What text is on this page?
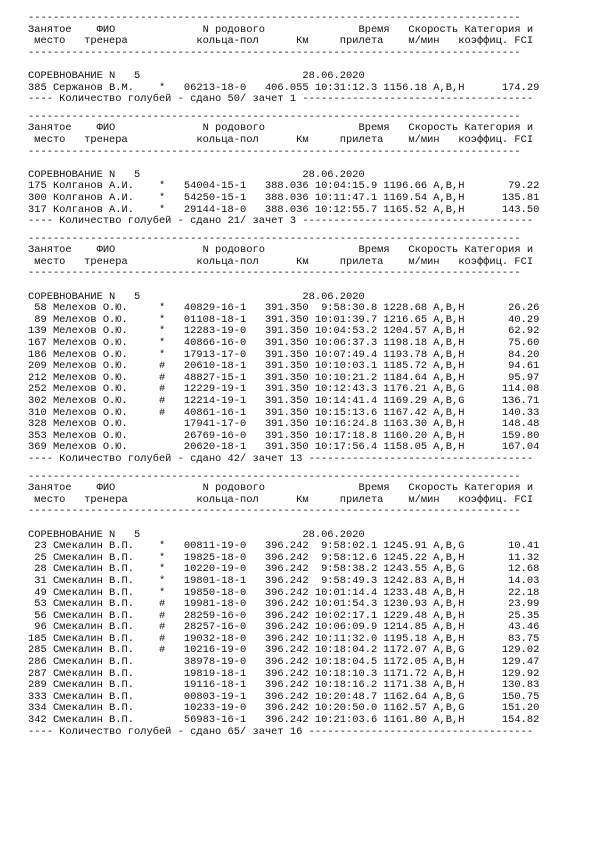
-------------------------------------------------------------------------------
Занятое    ФИО              N родового               Время   Скорость Категория и
место   тренера           кольца-пол      Км     прилета    м/мин   коэффиц. FCI
-------------------------------------------------------------------------------
СОРЕВНОВАНИЕ N   5                          28.06.2020
385 Сержанов В.М.    *   06213-18-0   406.055 10:31:12.3 1156.18 A,B,H      174.29
---- Количество голубей - сдано 50/ зачет 1 -------------------------------------
-------------------------------------------------------------------------------
Занятое    ФИО              N родового               Время   Скорость Категория и
место   тренера           кольца-пол      Км     прилета    м/мин   коэффиц. FCI
-------------------------------------------------------------------------------
СОРЕВНОВАНИЕ N   5                          28.06.2020
175 Колганов А.И.    *   54004-15-1   388.036 10:04:15.9 1196.66 A,B,H       79.22
300 Колганов А.И.    *   54250-15-1   388.036 10:11:47.1 1169.54 A,B,H      135.81
317 Колганов А.И.    *   29144-18-0   388.036 10:12:55.7 1165.52 A,B,H      143.50
---- Количество голубей - сдано 21/ зачет 3 -------------------------------------
-------------------------------------------------------------------------------
Занятое    ФИО              N родового               Время   Скорость Категория и
место   тренера           кольца-пол      Км     прилета    м/мин   коэффиц. FCI
-------------------------------------------------------------------------------
СОРЕВНОВАНИЕ N   5                          28.06.2020
58 Мелехов О.Ю.     *   40829-16-1   391.350  9:58:30.8 1228.68 A,B,H       26.26
89 Мелехов О.Ю.     *   01108-18-1   391.350 10:01:39.7 1216.65 A,B,H       40.29
139 Мелехов О.Ю.     *   12283-19-0   391.350 10:04:53.2 1204.57 A,B,H       62.92
167 Мелехов О.Ю.     *   40866-16-0   391.350 10:06:37.3 1198.18 A,B,H       75.60
186 Мелехов О.Ю.     *   17913-17-0   391.350 10:07:49.4 1193.78 A,B,H       84.20
209 Мелехов О.Ю.     #   20610-18-1   391.350 10:10:03.1 1185.72 A,B,H       94.61
212 Мелехов О.Ю.     #   48827-15-1   391.350 10:10:21.2 1184.64 A,B,H       95.97
252 Мелехов О.Ю.     #   12229-19-1   391.350 10:12:43.3 1176.21 A,B,G      114.08
302 Мелехов О.Ю.     #   12214-19-1   391.350 10:14:41.4 1169.29 A,B,G      136.71
310 Мелехов О.Ю.     #   40861-16-1   391.350 10:15:13.6 1167.42 A,B,H      140.33
328 Мелехов О.Ю.         17941-17-0   391.350 10:16:24.8 1163.30 A,B,H      148.48
353 Мелехов О.Ю.         26769-16-0   391.350 10:17:18.8 1160.20 A,B,H      159.80
369 Мелехов О.Ю.         20620-18-1   391.350 10:17:56.4 1158.05 A,B,H      167.04
---- Количество голубей - сдано 42/ зачет 13 ------------------------------------
-------------------------------------------------------------------------------
Занятое    ФИО              N родового               Время   Скорость Категория и
место   тренера           кольца-пол      Км     прилета    м/мин   коэффиц. FCI
-------------------------------------------------------------------------------
СОРЕВНОВАНИЕ N   5                          28.06.2020
23 Смекалин В.П.    *   00811-19-0   396.242  9:58:02.1 1245.91 A,B,G       10.41
25 Смекалин В.П.    *   19825-18-0   396.242  9:58:12.6 1245.22 A,B,H       11.32
28 Смекалин В.П.    *   10220-19-0   396.242  9:58:38.2 1243.55 A,B,G       12.68
31 Смекалин В.П.    *   19801-18-1   396.242  9:58:49.3 1242.83 A,B,H       14.03
49 Смекалин В.П.    *   19850-18-0   396.242 10:01:14.4 1233.48 A,B,H       22.18
53 Смекалин В.П.    #   19981-18-0   396.242 10:01:54.3 1230.93 A,B,H       23.99
56 Смекалин В.П.    #   28259-16-0   396.242 10:02:17.1 1229.48 A,B,H       25.35
96 Смекалин В.П.    #   28257-16-0   396.242 10:06:09.9 1214.85 A,B,H       43.46
185 Смекалин В.П.    #   19032-18-0   396.242 10:11:32.0 1195.18 A,B,H       83.75
285 Смекалин В.П.    #   10216-19-0   396.242 10:18:04.2 1172.07 A,B,G      129.02
286 Смекалин В.П.        38978-19-0   396.242 10:18:04.5 1172.05 A,B,H      129.47
287 Смекалин В.П.        19819-18-1   396.242 10:18:10.3 1171.72 A,B,H      129.92
289 Смекалин В.П.        19116-18-1   396.242 10:18:16.2 1171.38 A,B,H      130.83
333 Смекалин В.П.        00803-19-1   396.242 10:20:48.7 1162.64 A,B,G      150.75
334 Смекалин В.П.        10233-19-0   396.242 10:20:50.0 1162.57 A,B,G      151.20
342 Смекалин В.П.        56983-16-1   396.242 10:21:03.6 1161.80 A,B,H      154.82
---- Количество голубей - сдано 65/ зачет 16 ------------------------------------
